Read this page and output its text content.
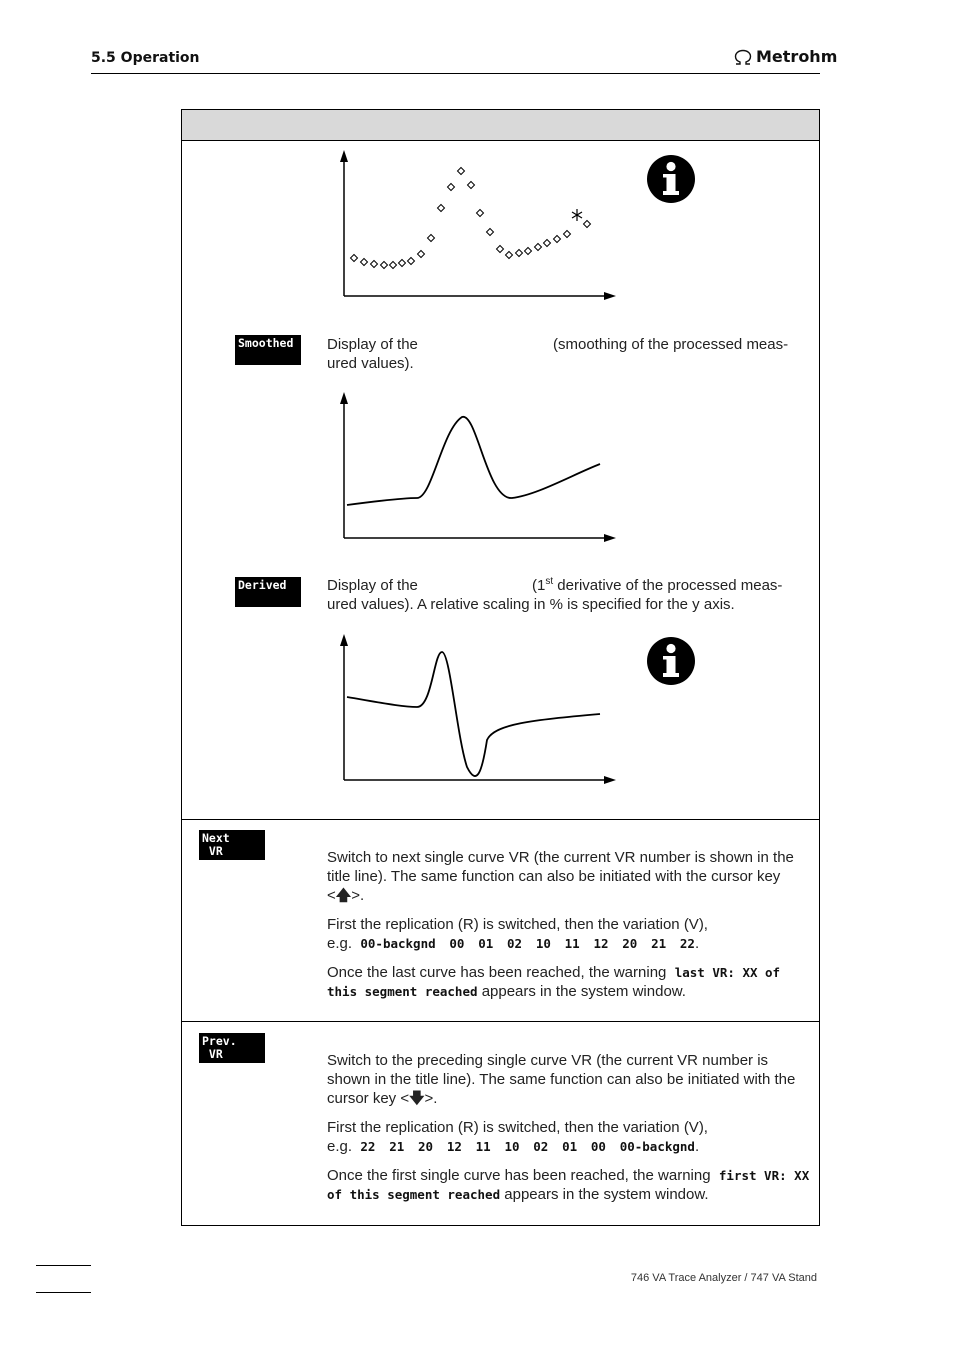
5.5 Operation	Metrohm
Smoothed	Display of the	(smoothing of the processed meas-
ured values).
Derived	Display of the	(1st derivative of the processed meas-
ured values). A relative scaling in % is specified for the y axis.
Next
VR	Switch to next single curve VR (the current VR number is shown in the title line). The same function can also be initiated with the cursor key <🡅>.

First the replication (R) is switched, then the variation (V),
e.g. 00-backgnd 00 01 02 10 11 12 20 21 22.

Once the last curve has been reached, the warning last VR: XX of this segment reached appears in the system window.

Prev.
VR	Switch to the preceding single curve VR (the current VR number is shown in the title line). The same function can also be initiated with the cursor key <🡇>.

First the replication (R) is switched, then the variation (V),
e.g. 22 21 20 12 11 10 02 01 00 00-backgnd.

Once the first single curve has been reached, the warning first VR: XX of this segment reached appears in the system window.

746 VA Trace Analyzer / 747 VA Stand
